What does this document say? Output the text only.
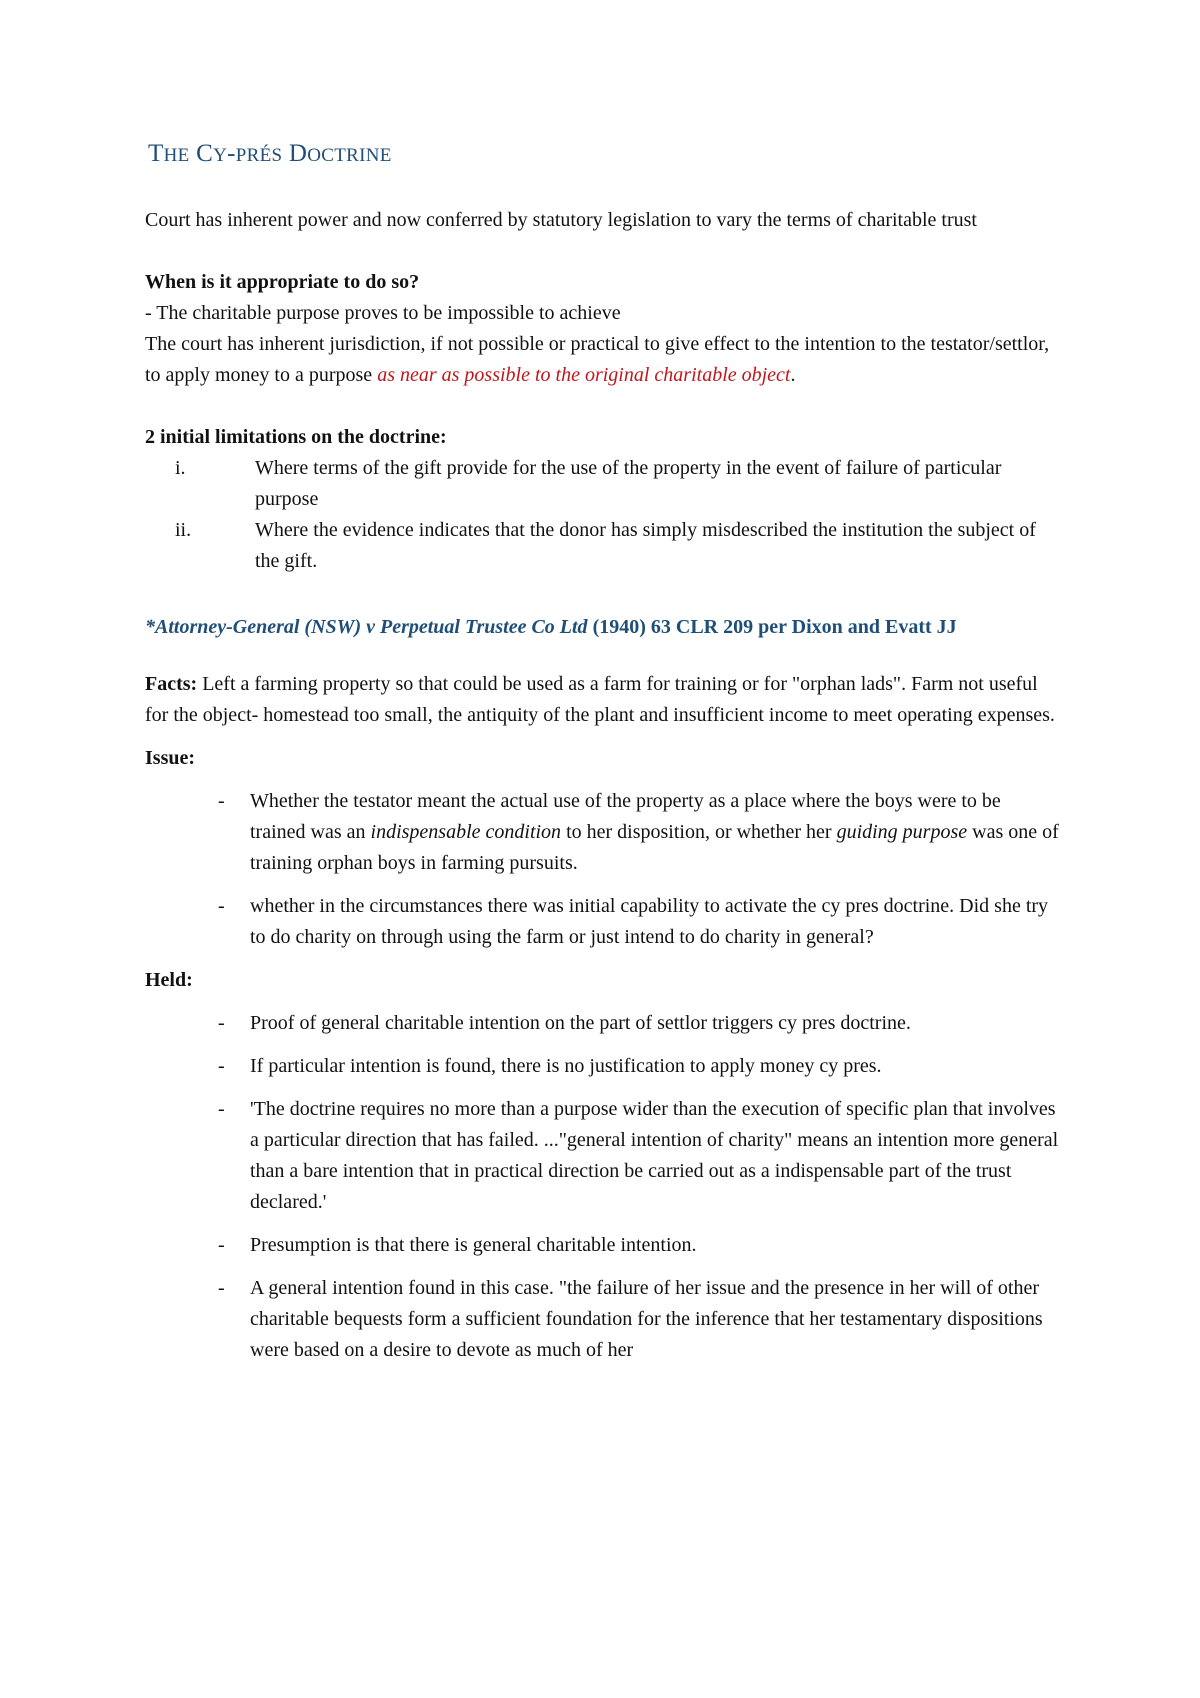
THE CY-PRÉS DOCTRINE

Court has inherent power and now conferred by statutory legislation to vary the terms of charitable trust

When is it appropriate to do so?

- The charitable purpose proves to be impossible to achieve

The court has inherent jurisdiction, if not possible or practical to give effect to the intention to the testator/settlor, to apply money to a purpose as near as possible to the original charitable object.

2 initial limitations on the doctrine:

i.	Where terms of the gift provide for the use of the property in the event of failure of particular purpose
ii.	Where the evidence indicates that the donor has simply misdescribed the institution the subject of the gift.

*Attorney-General (NSW) v Perpetual Trustee Co Ltd (1940) 63 CLR 209 per Dixon and Evatt JJ

Facts: Left a farming property so that could be used as a farm for training or for "orphan lads". Farm not useful for the object- homestead too small, the antiquity of the plant and insufficient income to meet operating expenses.

Issue:

- Whether the testator meant the actual use of the property as a place where the boys were to be trained was an indispensable condition to her disposition, or whether her guiding purpose was one of training orphan boys in farming pursuits.
- whether in the circumstances there was initial capability to activate the cy pres doctrine. Did she try to do charity on through using the farm or just intend to do charity in general?

Held:

- Proof of general charitable intention on the part of settlor triggers cy pres doctrine.
- If particular intention is found, there is no justification to apply money cy pres.
- 'The doctrine requires no more than a purpose wider than the execution of specific plan that involves a particular direction that has failed. ..."general intention of charity" means an intention more general than a bare intention that in practical direction be carried out as a indispensable part of the trust declared.'
- Presumption is that there is general charitable intention.
- A general intention found in this case. "the failure of her issue and the presence in her will of other charitable bequests form a sufficient foundation for the inference that her testamentary dispositions were based on a desire to devote as much of her
